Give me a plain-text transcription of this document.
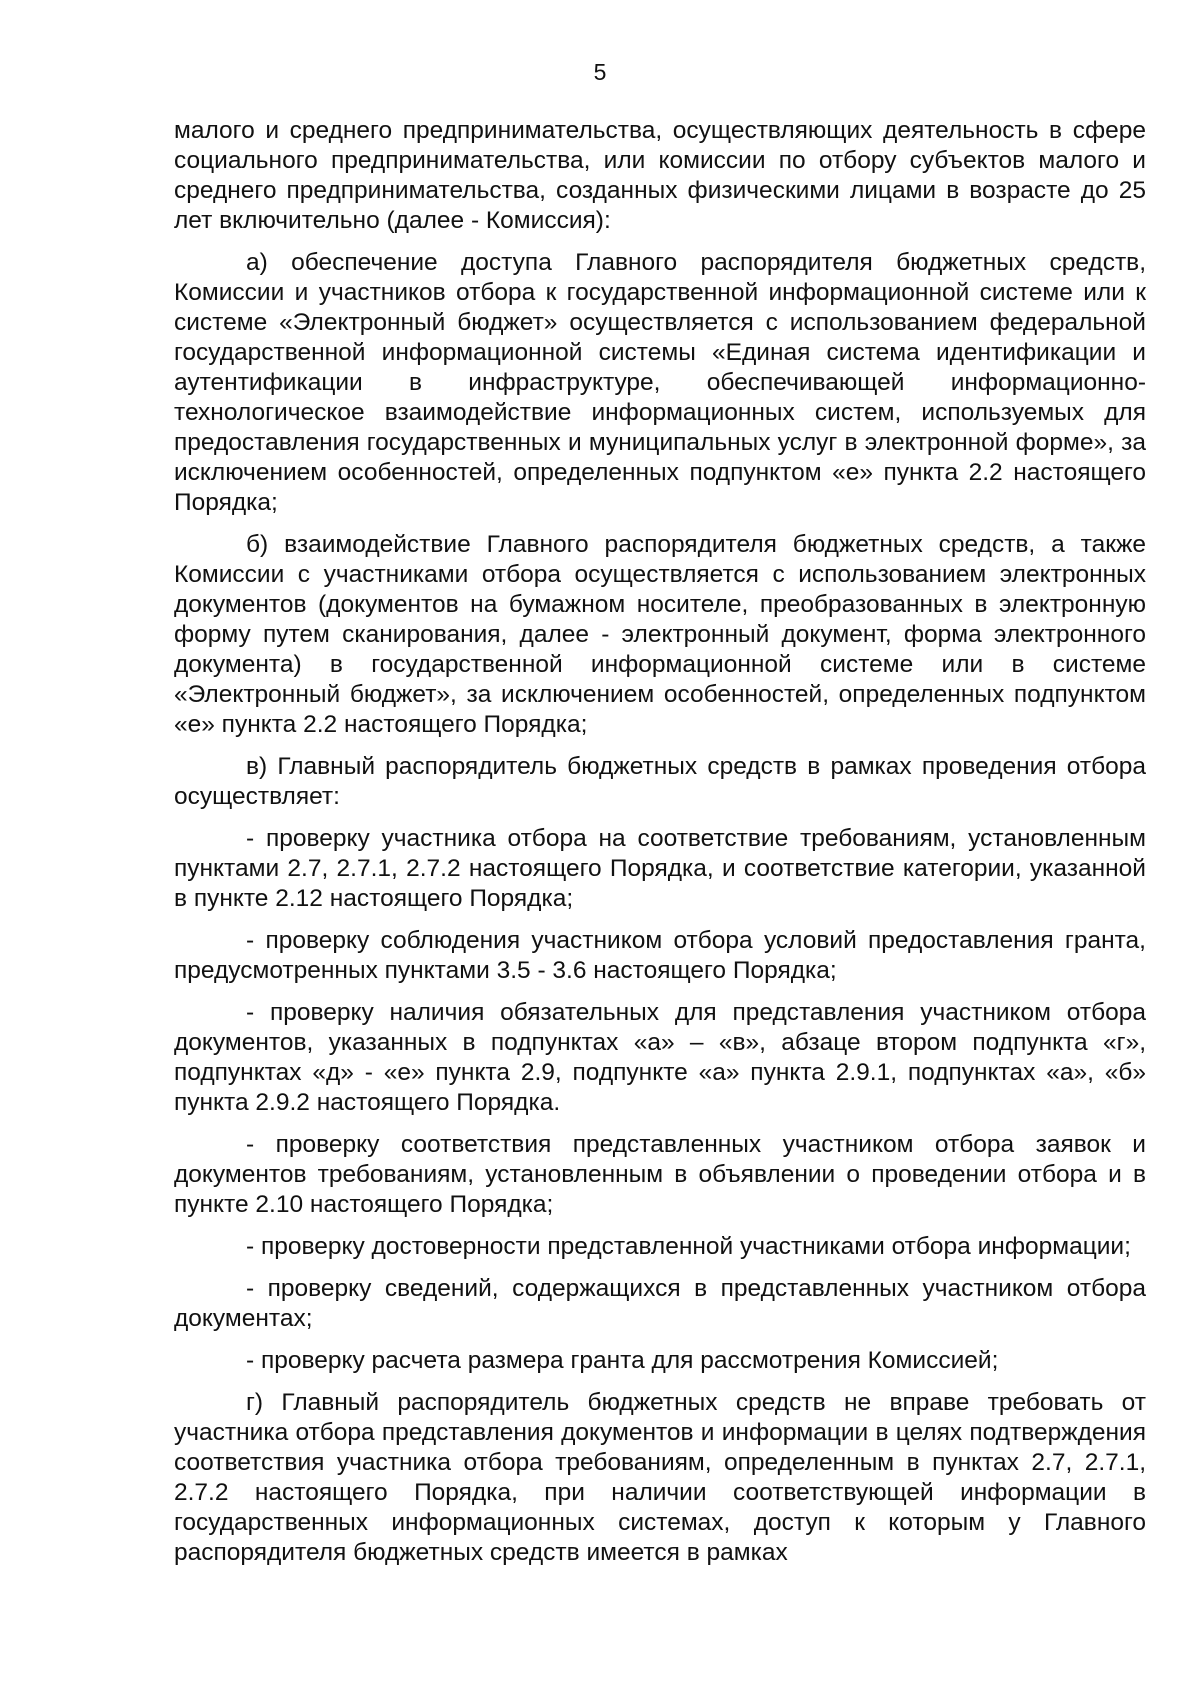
5

малого и среднего предпринимательства, осуществляющих деятельность в сфере социального предпринимательства, или комиссии по отбору субъектов малого и среднего предпринимательства, созданных физическими лицами в возрасте до 25 лет включительно (далее - Комиссия):

а) обеспечение доступа Главного распорядителя бюджетных средств, Комиссии и участников отбора к государственной информационной системе или к системе «Электронный бюджет» осуществляется с использованием федеральной государственной информационной системы «Единая система идентификации и аутентификации в инфраструктуре, обеспечивающей информационно-технологическое взаимодействие информационных систем, используемых для предоставления государственных и муниципальных услуг в электронной форме», за исключением особенностей, определенных подпунктом «е» пункта 2.2 настоящего Порядка;

б) взаимодействие Главного распорядителя бюджетных средств, а также Комиссии с участниками отбора осуществляется с использованием электронных документов (документов на бумажном носителе, преобразованных в электронную форму путем сканирования, далее - электронный документ, форма электронного документа) в государственной информационной системе или в системе «Электронный бюджет», за исключением особенностей, определенных подпунктом «е» пункта 2.2 настоящего Порядка;

в) Главный распорядитель бюджетных средств в рамках проведения отбора осуществляет:

- проверку участника отбора на соответствие требованиям, установленным пунктами 2.7, 2.7.1, 2.7.2 настоящего Порядка, и соответствие категории, указанной в пункте 2.12 настоящего Порядка;

- проверку соблюдения участником отбора условий предоставления гранта, предусмотренных пунктами 3.5 - 3.6 настоящего Порядка;

- проверку наличия обязательных для представления участником отбора документов, указанных в подпунктах «а» – «в», абзаце втором подпункта «г», подпунктах «д» - «е» пункта 2.9, подпункте «а» пункта 2.9.1, подпунктах «а», «б» пункта 2.9.2 настоящего Порядка.

- проверку соответствия представленных участником отбора заявок и документов требованиям, установленным в объявлении о проведении отбора и в пункте 2.10 настоящего Порядка;

- проверку достоверности представленной участниками отбора информации;

- проверку сведений, содержащихся в представленных участником отбора документах;

- проверку расчета размера гранта для рассмотрения Комиссией;

г) Главный распорядитель бюджетных средств не вправе требовать от участника отбора представления документов и информации в целях подтверждения соответствия участника отбора требованиям, определенным в пунктах 2.7, 2.7.1, 2.7.2 настоящего Порядка, при наличии соответствующей информации в государственных информационных системах, доступ к которым у Главного распорядителя бюджетных средств имеется в рамках
